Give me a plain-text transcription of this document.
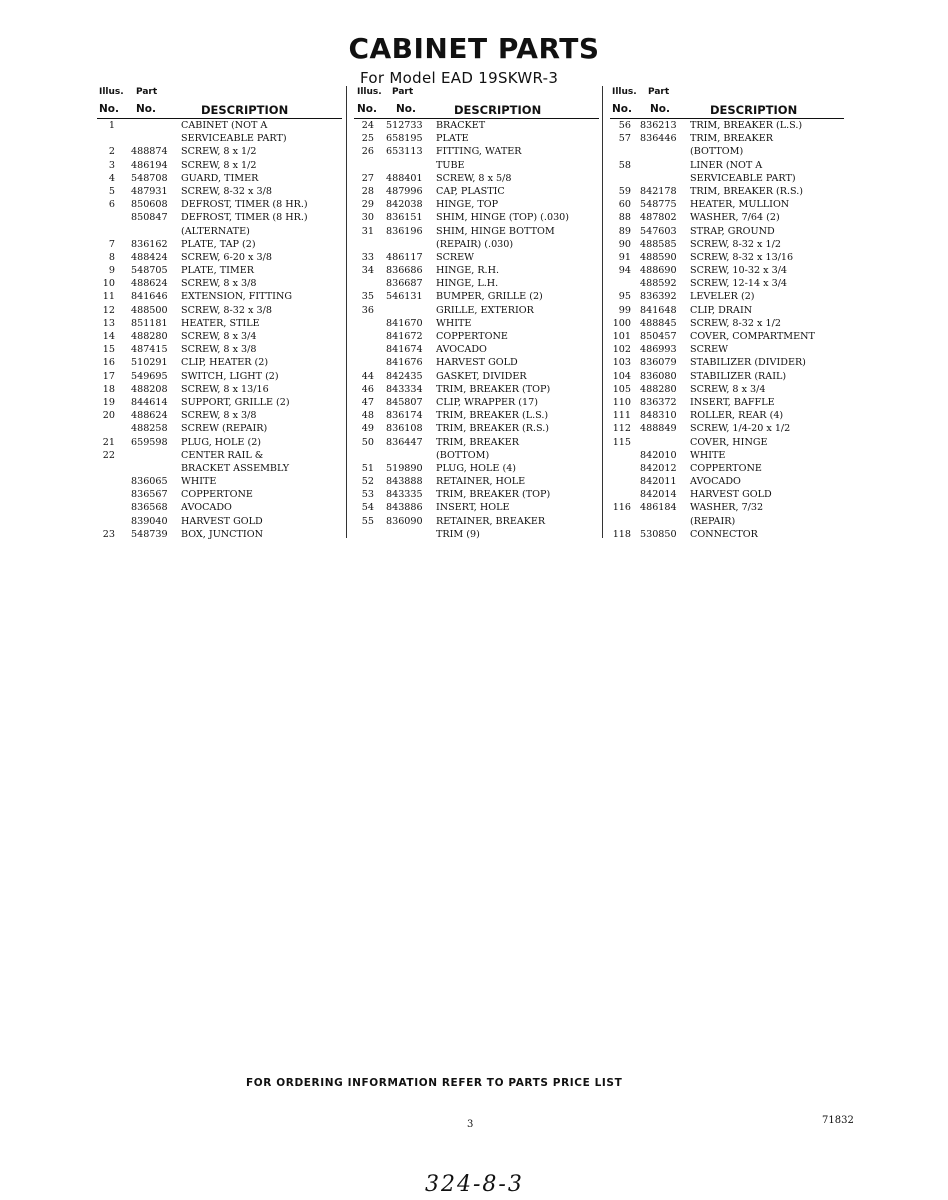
CABINET PARTS
For Model EAD 19SKWR-3
Illus. Part
No. No.	DESCRIPTION
1	CABINET (NOT A
SERVICEABLE PART)
2 488874 SCREW, 8 x 1/2
3 486194 SCREW, 8 x 1/2
4 548708 GUARD, TIMER
5 487931 SCREW, 8-32 x 3/8
6 850608 DEFROST, TIMER (8 HR.)
850847 DEFROST, TIMER (8 HR.)
(ALTERNATE)
7 836162 PLATE, TAP (2)
8 488424 SCREW, 6-20 x 3/8
9 548705 PLATE, TIMER
10 488624 SCREW, 8 x 3/8
11 841646 EXTENSION, FITTING
12 488500 SCREW, 8-32 x 3/8
13 851181 HEATER, STILE
14 488280 SCREW, 8 x 3/4
15 487415 SCREW, 8 x 3/8
16 510291 CLIP, HEATER (2)
17 549695 SWITCH, LIGHT (2)
18 488208 SCREW, 8 x 13/16
19 844614 SUPPORT, GRILLE (2)
20 488624 SCREW, 8 x 3/8
488258 SCREW (REPAIR)
21 659598 PLUG, HOLE (2)
22	CENTER RAIL &
BRACKET ASSEMBLY
836065 WHITE
836567 COPPERTONE
836568 AVOCADO
839040 HARVEST GOLD
23 548739 BOX, JUNCTION
Illus. Part
No. No.	DESCRIPTION
24 512733 BRACKET
25 658195 PLATE
26 653113 FITTING, WATER
TUBE
27 488401 SCREW, 8 x 5/8
28 487996 CAP, PLASTIC
29 842038 HINGE, TOP
30 836151 SHIM, HINGE (TOP) (.030)
31 836196 SHIM, HINGE BOTTOM
(REPAIR) (.030)
33 486117 SCREW
34 836686 HINGE, R.H.
836687 HINGE, L.H.
35 546131 BUMPER, GRILLE (2)
36	GRILLE, EXTERIOR
841670 WHITE
841672 COPPERTONE
841674 AVOCADO
841676 HARVEST GOLD
44 842435 GASKET, DIVIDER
46 843334 TRIM, BREAKER (TOP)
47 845807 CLIP, WRAPPER (17)
48 836174 TRIM, BREAKER (L.S.)
49 836108 TRIM, BREAKER (R.S.)
50 836447 TRIM, BREAKER
(BOTTOM)
51 519890 PLUG, HOLE (4)
52 843888 RETAINER, HOLE
53 843335 TRIM, BREAKER (TOP)
54 843886 INSERT, HOLE
55 836090 RETAINER, BREAKER
TRIM (9)
Illus. Part
No. No.	DESCRIPTION
56 836213 TRIM, BREAKER (L.S.)
57 836446 TRIM, BREAKER
(BOTTOM)
58	LINER (NOT A
SERVICEABLE PART)
59 842178 TRIM, BREAKER (R.S.)
60 548775 HEATER, MULLION
88 487802 WASHER, 7/64 (2)
89 547603 STRAP, GROUND
90 488585 SCREW, 8-32 x 1/2
91 488590 SCREW, 8-32 x 13/16
94 488690 SCREW, 10-32 x 3/4
488592 SCREW, 12-14 x 3/4
95 836392 LEVELER (2)
99 841648 CLIP, DRAIN
100 488845 SCREW, 8-32 x 1/2
101 850457 COVER, COMPARTMENT
102 486993 SCREW
103 836079 STABILIZER (DIVIDER)
104 836080 STABILIZER (RAIL)
105 488280 SCREW, 8 x 3/4
110 836372 INSERT, BAFFLE
111 848310 ROLLER, REAR (4)
112 488849 SCREW, 1/4-20 x 1/2
115	COVER, HINGE
842010 WHITE
842012 COPPERTONE
842011 AVOCADO
842014 HARVEST GOLD
116 486184 WASHER, 7/32
(REPAIR)
118 530850 CONNECTOR
FOR ORDERING INFORMATION REFER TO PARTS PRICE LIST
3	71832
324-8-3
